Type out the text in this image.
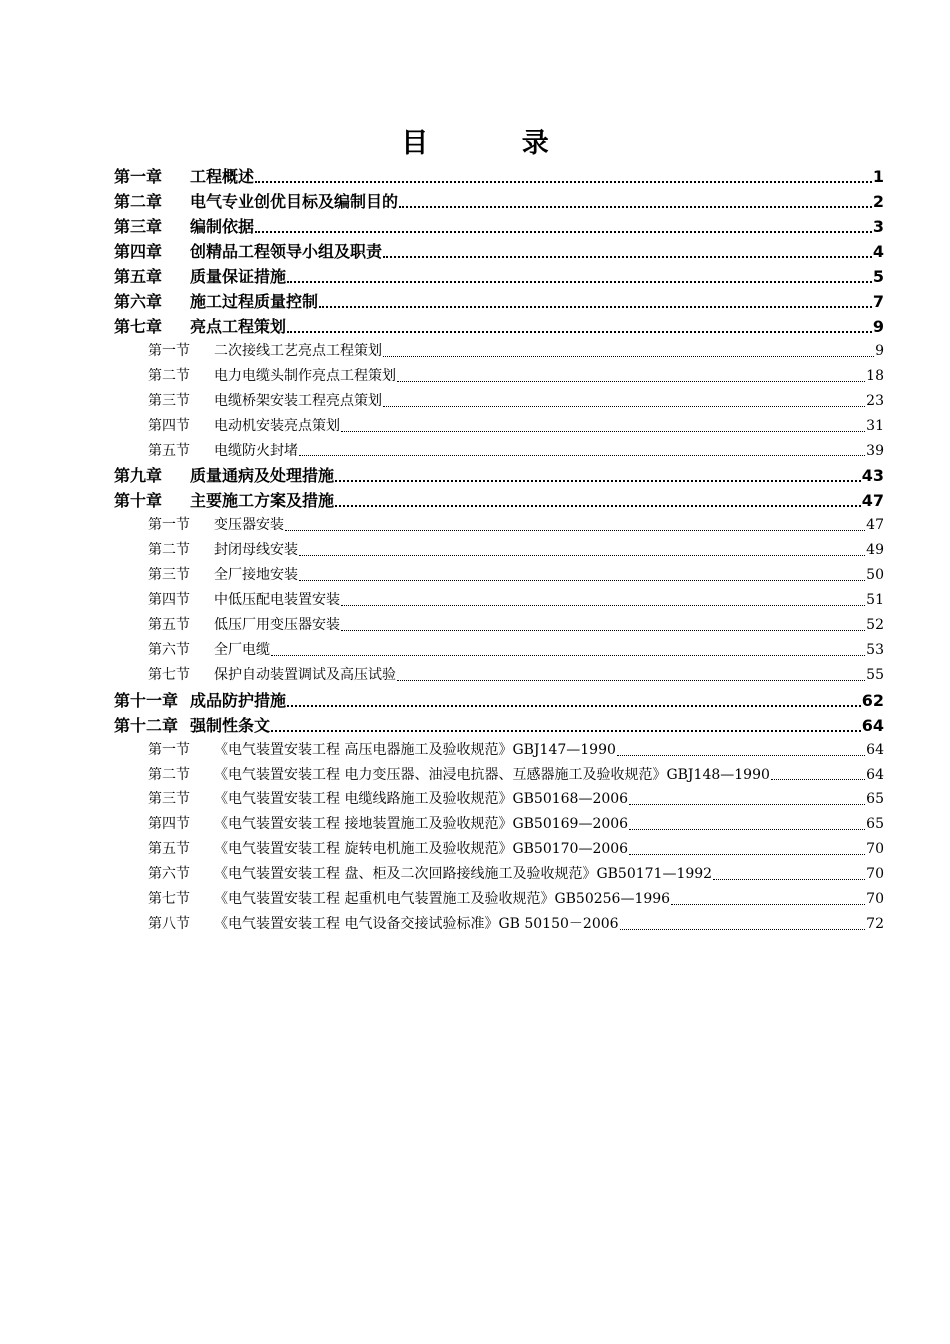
目 录
第一章	工程概述	1
第二章	电气专业创优目标及编制目的	2
第三章	编制依据	3
第四章	创精品工程领导小组及职责	4
第五章	质量保证措施	5
第六章	施工过程质量控制	7
第七章	亮点工程策划	9
第一节	二次接线工艺亮点工程策划	9
第二节	电力电缆头制作亮点工程策划	18
第三节	电缆桥架安装工程亮点策划	23
第四节	电动机安装亮点策划	31
第五节	电缆防火封堵	39
第九章	质量通病及处理措施	43
第十章	主要施工方案及措施	47
第一节	变压器安装	47
第二节	封闭母线安装	49
第三节	全厂接地安装	50
第四节	中低压配电装置安装	51
第五节	低压厂用变压器安装	52
第六节	全厂电缆	53
第七节	保护自动装置调试及高压试验	55
第十一章 成品防护措施	62
第十二章 强制性条文	64
第一节	《电气装置安装工程 高压电器施工及验收规范》GBJ147—1990	64
第二节	《电气装置安装工程 电力变压器、油浸电抗器、互感器施工及验收规范》GBJ148—1990	64
第三节	《电气装置安装工程 电缆线路施工及验收规范》GB50168—2006	65
第四节	《电气装置安装工程 接地装置施工及验收规范》GB50169—2006	65
第五节	《电气装置安装工程 旋转电机施工及验收规范》GB50170—2006	70
第六节	《电气装置安装工程 盘、柜及二次回路接线施工及验收规范》GB50171—1992	70
第七节	《电气装置安装工程 起重机电气装置施工及验收规范》GB50256—1996	70
第八节	《电气装置安装工程 电气设备交接试验标准》GB 50150－2006	72
